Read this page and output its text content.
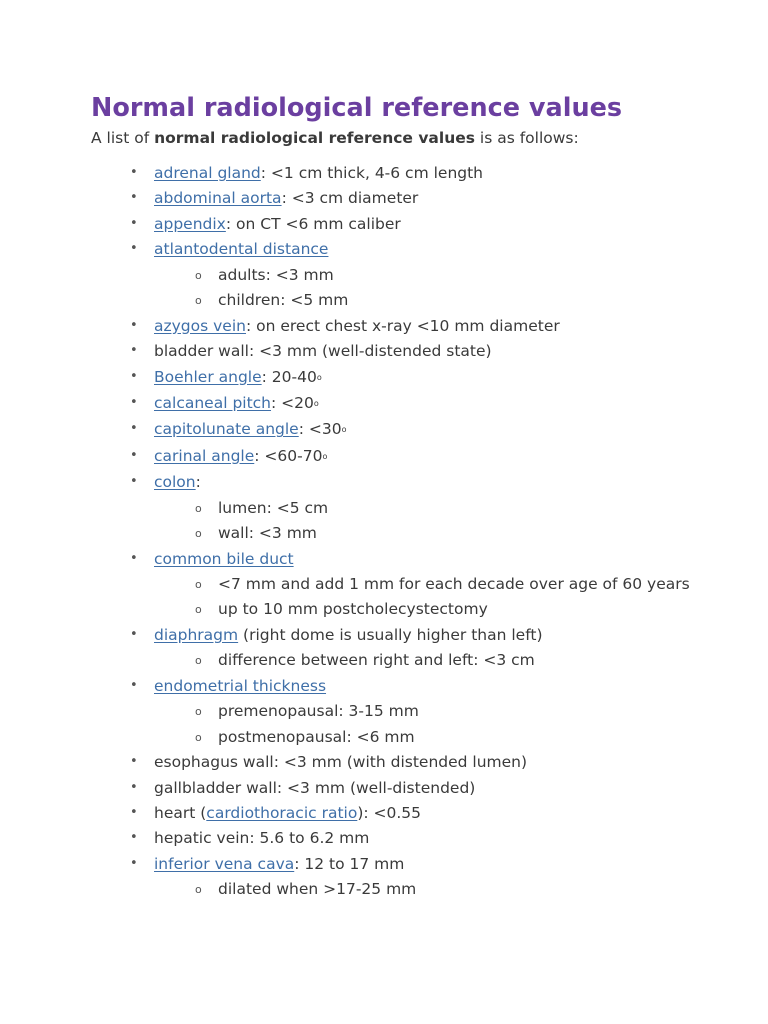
Normal radiological reference values

A list of normal radiological reference values is as follows:

• adrenal gland: <1 cm thick, 4-6 cm length
• abdominal aorta: <3 cm diameter
• appendix: on CT <6 mm caliber
• atlantodental distance
o adults: <3 mm
o children: <5 mm
• azygos vein: on erect chest x-ray <10 mm diameter
• bladder wall: <3 mm (well-distended state)
• Boehler angle: 20-40$^o$
• calcaneal pitch: $<20^o$
• capitolunate angle: $<30^o$
• carinal angle: $<60-70^o$
• colon:
o lumen: <5 cm
o wall: <3 mm
• common bile duct
o <7 mm and add 1 mm for each decade over age of 60 years
o up to 10 mm postcholecystectomy
• diaphragm (right dome is usually higher than left)
o difference between right and left: <3 cm
• endometrial thickness
o premenopausal: 3-15 mm
o postmenopausal: <6 mm
• esophagus wall: <3 mm (with distended lumen)
• gallbladder wall: <3 mm (well-distended)
• heart (cardiothoracic ratio): <0.55
• hepatic vein: 5.6 to 6.2 mm
• inferior vena cava: 12 to 17 mm
o dilated when >17-25 mm
